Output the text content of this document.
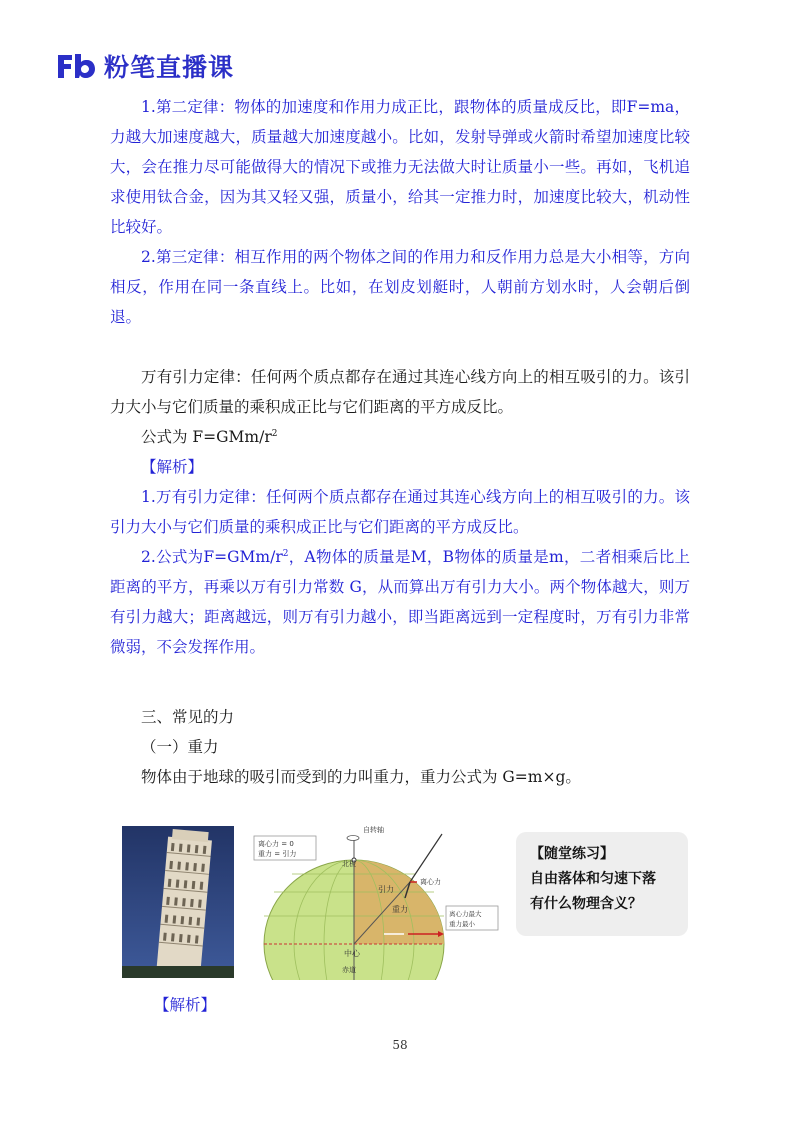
粉笔直播课

1.第二定律：物体的加速度和作用力成正比，跟物体的质量成反比，即F=ma，力越大加速度越大，质量越大加速度越小。比如，发射导弹或火箭时希望加速度比较大，会在推力尽可能做得大的情况下或推力无法做大时让质量小一些。再如，飞机追求使用钛合金，因为其又轻又强，质量小，给其一定推力时，加速度比较大，机动性比较好。

2.第三定律：相互作用的两个物体之间的作用力和反作用力总是大小相等，方向相反，作用在同一条直线上。比如，在划皮划艇时，人朝前方划水时，人会朝后倒退。

万有引力定律：任何两个质点都存在通过其连心线方向上的相互吸引的力。该引力大小与它们质量的乘积成正比与它们距离的平方成反比。

公式为 $F=GMm/r^2$

【解析】

1.万有引力定律：任何两个质点都存在通过其连心线方向上的相互吸引的力。该引力大小与它们质量的乘积成正比与它们距离的平方成反比。

2.公式为$F=GMm/r^2$，A物体的质量是M，B物体的质量是m，二者相乘后比上距离的平方，再乘以万有引力常数 G，从而算出万有引力大小。两个物体越大，则万有引力越大；距离越远，则万有引力越小，即当距离远到一定程度时，万有引力非常微弱，不会发挥作用。

三、常见的力

（一）重力

物体由于地球的吸引而受到的力叫重力，重力公式为 G=m×g。

自转轴
离心力 = 0
重力 = 引力
北极
引力
离心力
重力	离心力最大
重力最小
中心
赤道

【随堂练习】

自由落体和匀速下落

有什么物理含义？

【解析】

58
